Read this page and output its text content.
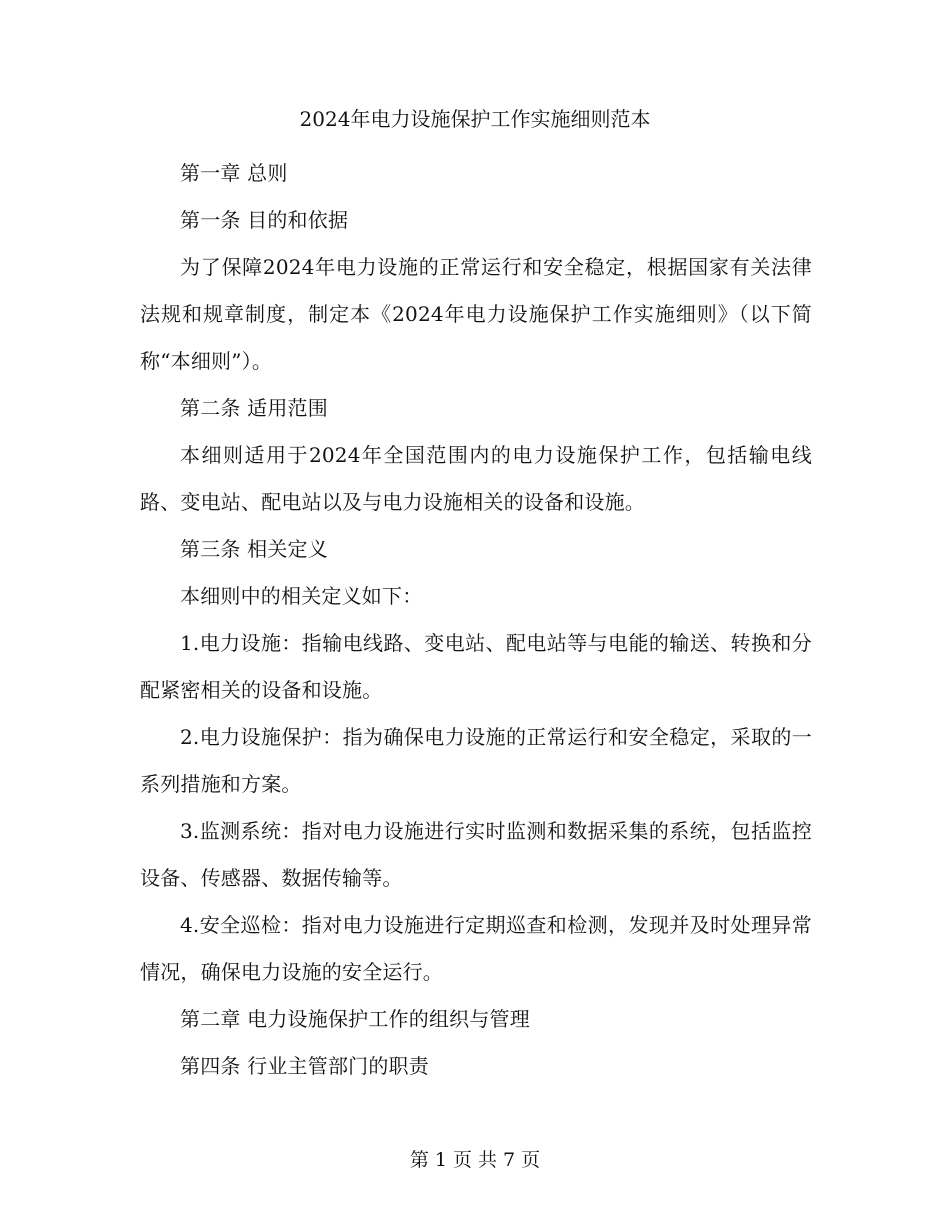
2024年电力设施保护工作实施细则范本

第一章 总则

第一条 目的和依据

为了保障2024年电力设施的正常运行和安全稳定，根据国家有关法律法规和规章制度，制定本《2024年电力设施保护工作实施细则》（以下简称“本细则”）。

第二条 适用范围

本细则适用于2024年全国范围内的电力设施保护工作，包括输电线路、变电站、配电站以及与电力设施相关的设备和设施。

第三条 相关定义

本细则中的相关定义如下：

1.电力设施：指输电线路、变电站、配电站等与电能的输送、转换和分配紧密相关的设备和设施。

2.电力设施保护：指为确保电力设施的正常运行和安全稳定，采取的一系列措施和方案。

3.监测系统：指对电力设施进行实时监测和数据采集的系统，包括监控设备、传感器、数据传输等。

4.安全巡检：指对电力设施进行定期巡查和检测，发现并及时处理异常情况，确保电力设施的安全运行。

第二章 电力设施保护工作的组织与管理

第四条 行业主管部门的职责

第 1 页 共 7 页
